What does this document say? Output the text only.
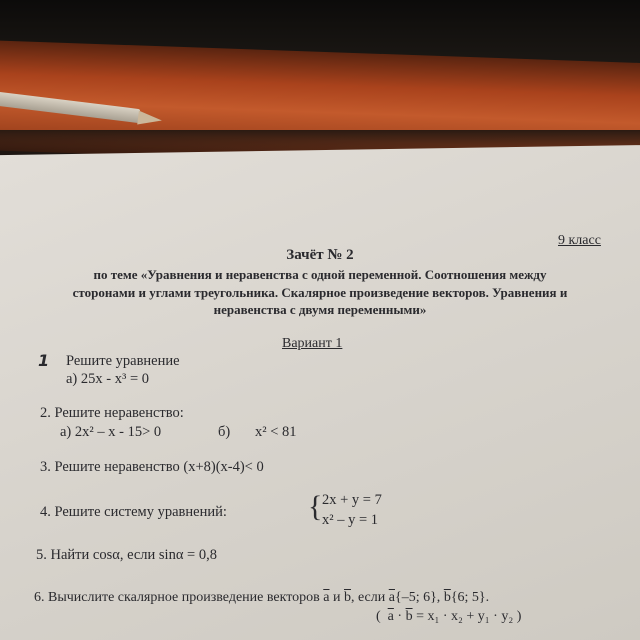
9 класс
Зачёт № 2
по теме «Уравнения и неравенства с одной переменной. Соотношения между
сторонами и углами треугольника. Скалярное произведение векторов. Уравнения и
неравенства с двумя переменными»
Вариант 1
1 Решите уравнение
а) 25x - x³ = 0
2. Решите неравенство:
а) 2x² – x - 15> 0	б) x² < 81
3. Решите неравенство (x+8)(x-4)< 0
4. Решите систему уравнений:	{ 2x + y = 7
x² – y = 1
5. Найти cosα, если sinα = 0,8
6. Вычислите скалярное произведение векторов $\overline{a}$ и $\overline{b}$, если $\overline{a}\{-5$; 6}, $\overline{b}\{6$; 5}.
( $\overline{a} \cdot \overline{b} = x_1 \cdot x_2 + y_1 \cdot y_2$ )
